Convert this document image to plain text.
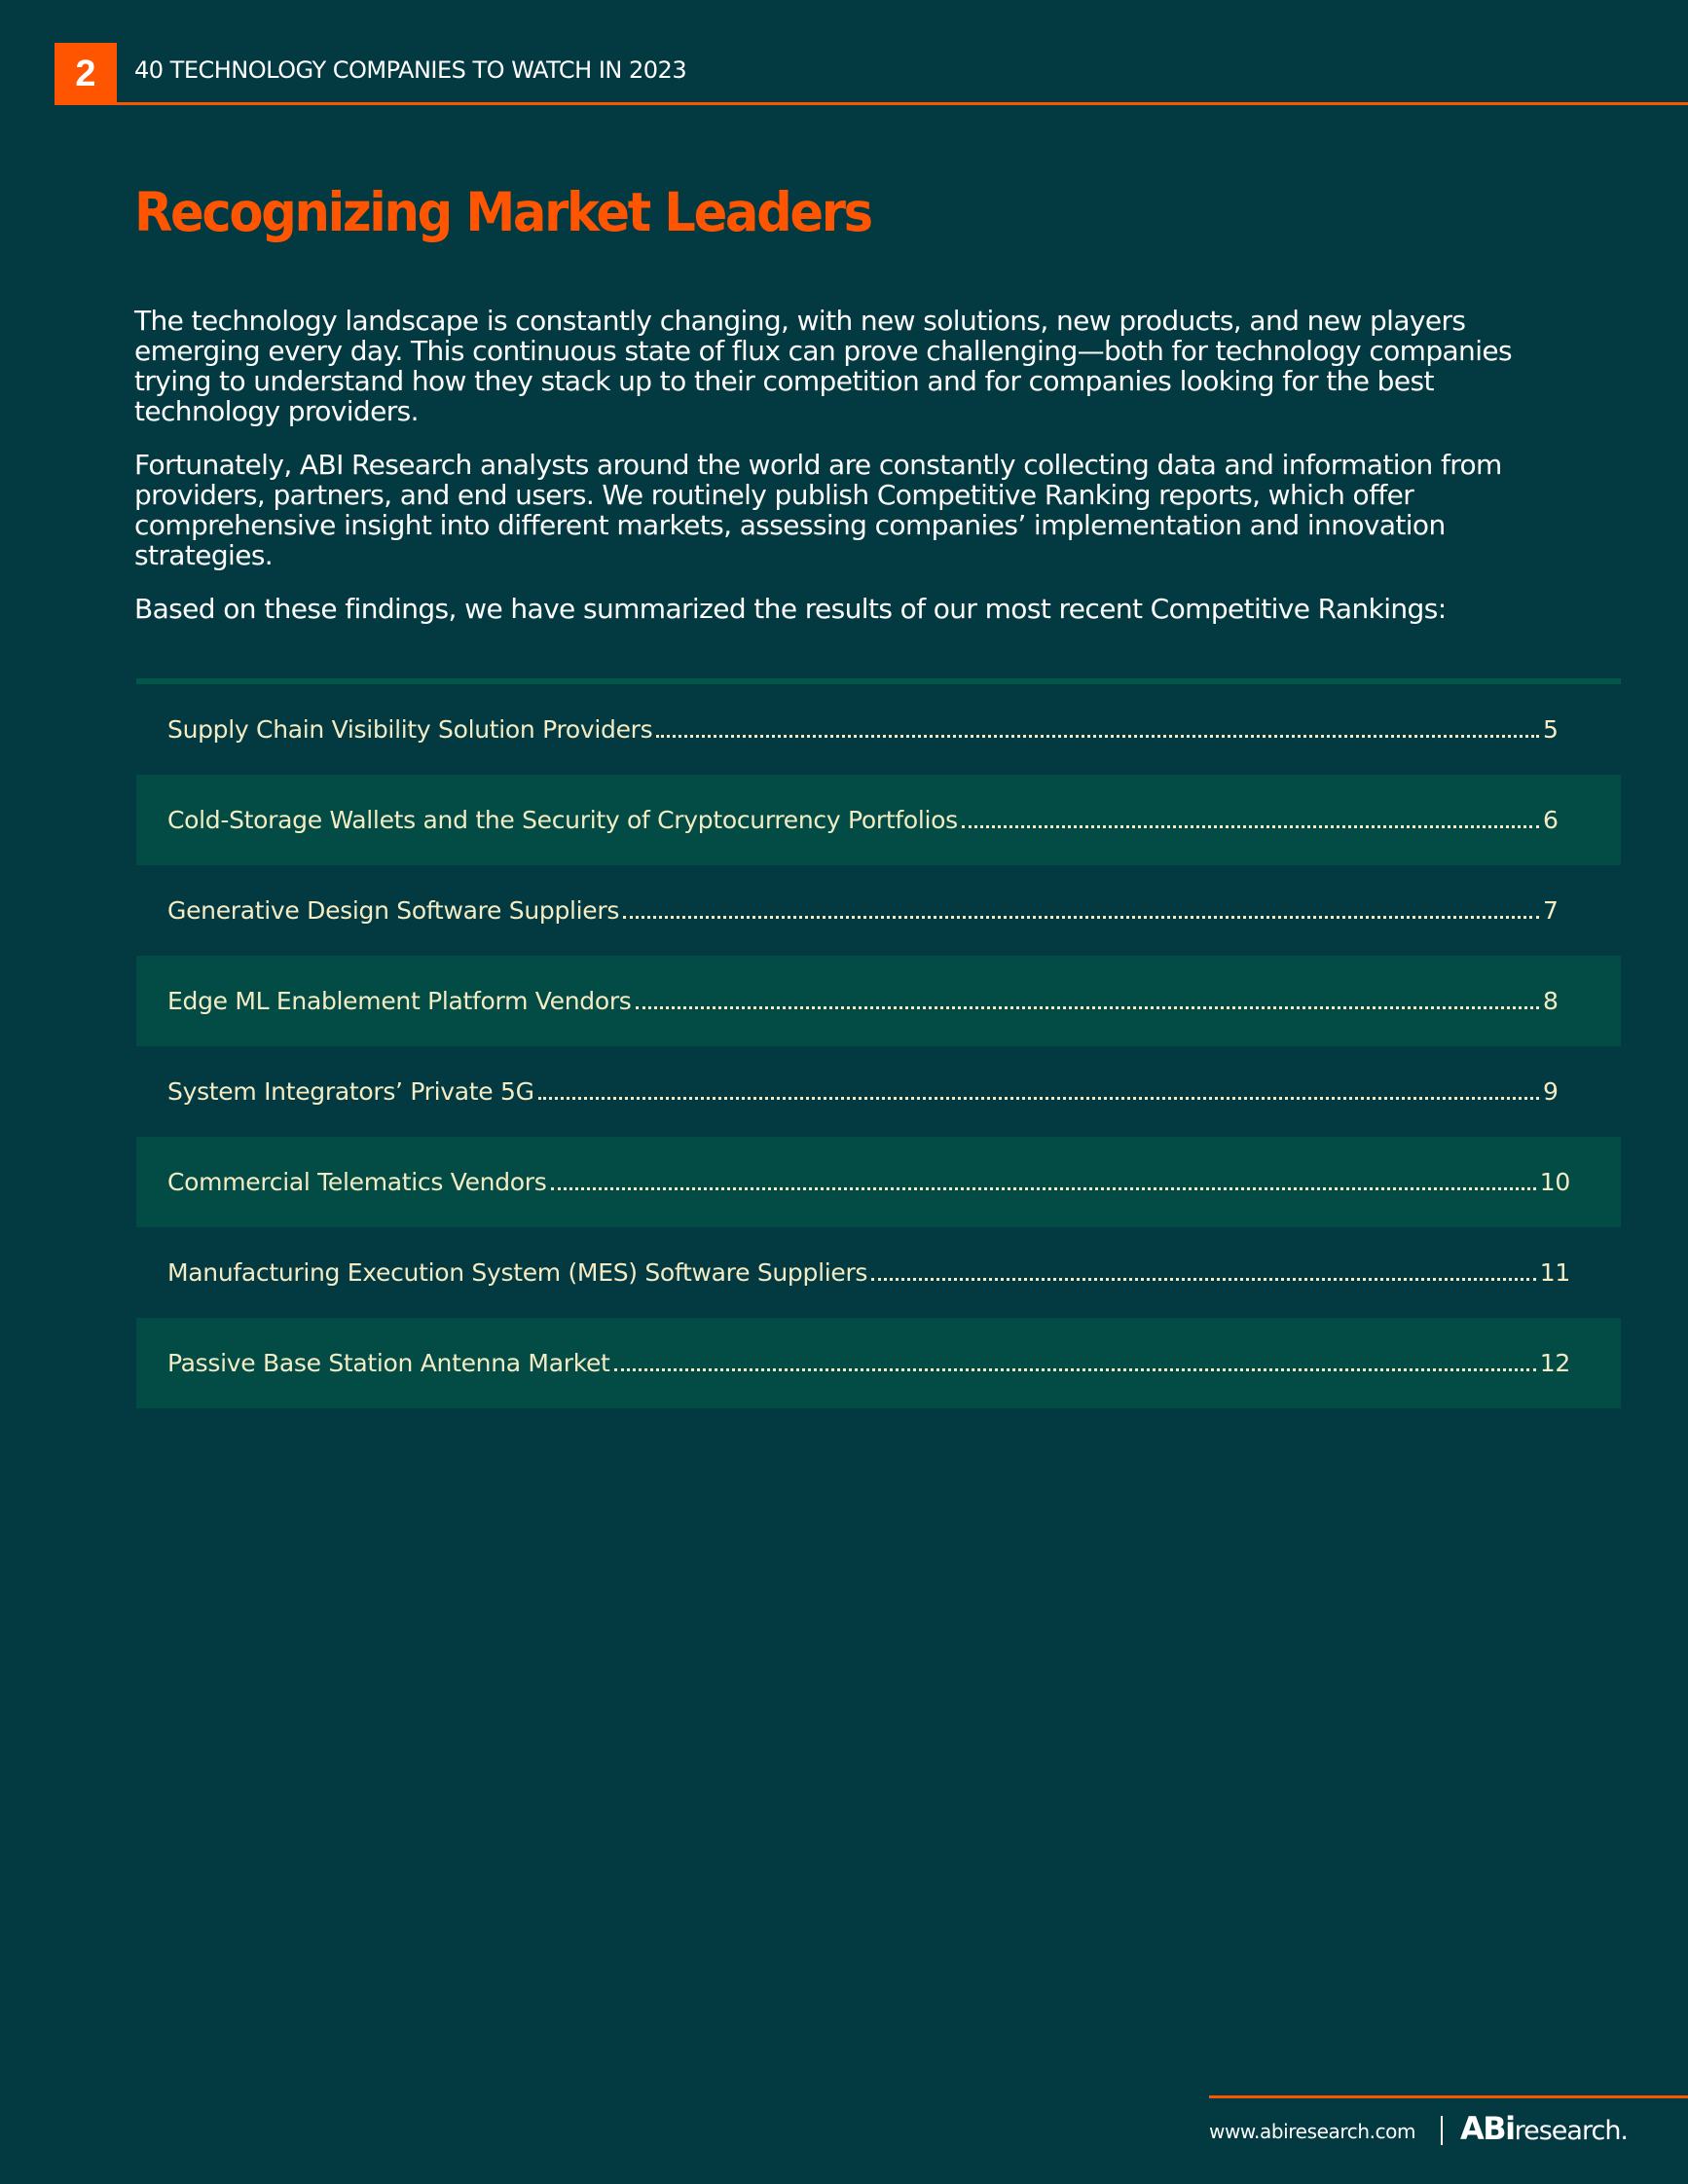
2	40 TECHNOLOGY COMPANIES TO WATCH IN 2023
Recognizing Market Leaders

The technology landscape is constantly changing, with new solutions, new products, and new players emerging every day. This continuous state of flux can prove challenging—both for technology companies trying to understand how they stack up to their competition and for companies looking for the best technology providers.

Fortunately, ABI Research analysts around the world are constantly collecting data and information from providers, partners, and end users. We routinely publish Competitive Ranking reports, which offer comprehensive insight into different markets, assessing companies’ implementation and innovation strategies.

Based on these findings, we have summarized the results of our most recent Competitive Rankings:

Supply Chain Visibility Solution Providers	5
Cold-Storage Wallets and the Security of Cryptocurrency Portfolios	6
Generative Design Software Suppliers	7
Edge ML Enablement Platform Vendors	8
System Integrators’ Private 5G	9
Commercial Telematics Vendors	10
Manufacturing Execution System (MES) Software Suppliers	11
Passive Base Station Antenna Market	12
www.abiresearch.com ABiresearch.
